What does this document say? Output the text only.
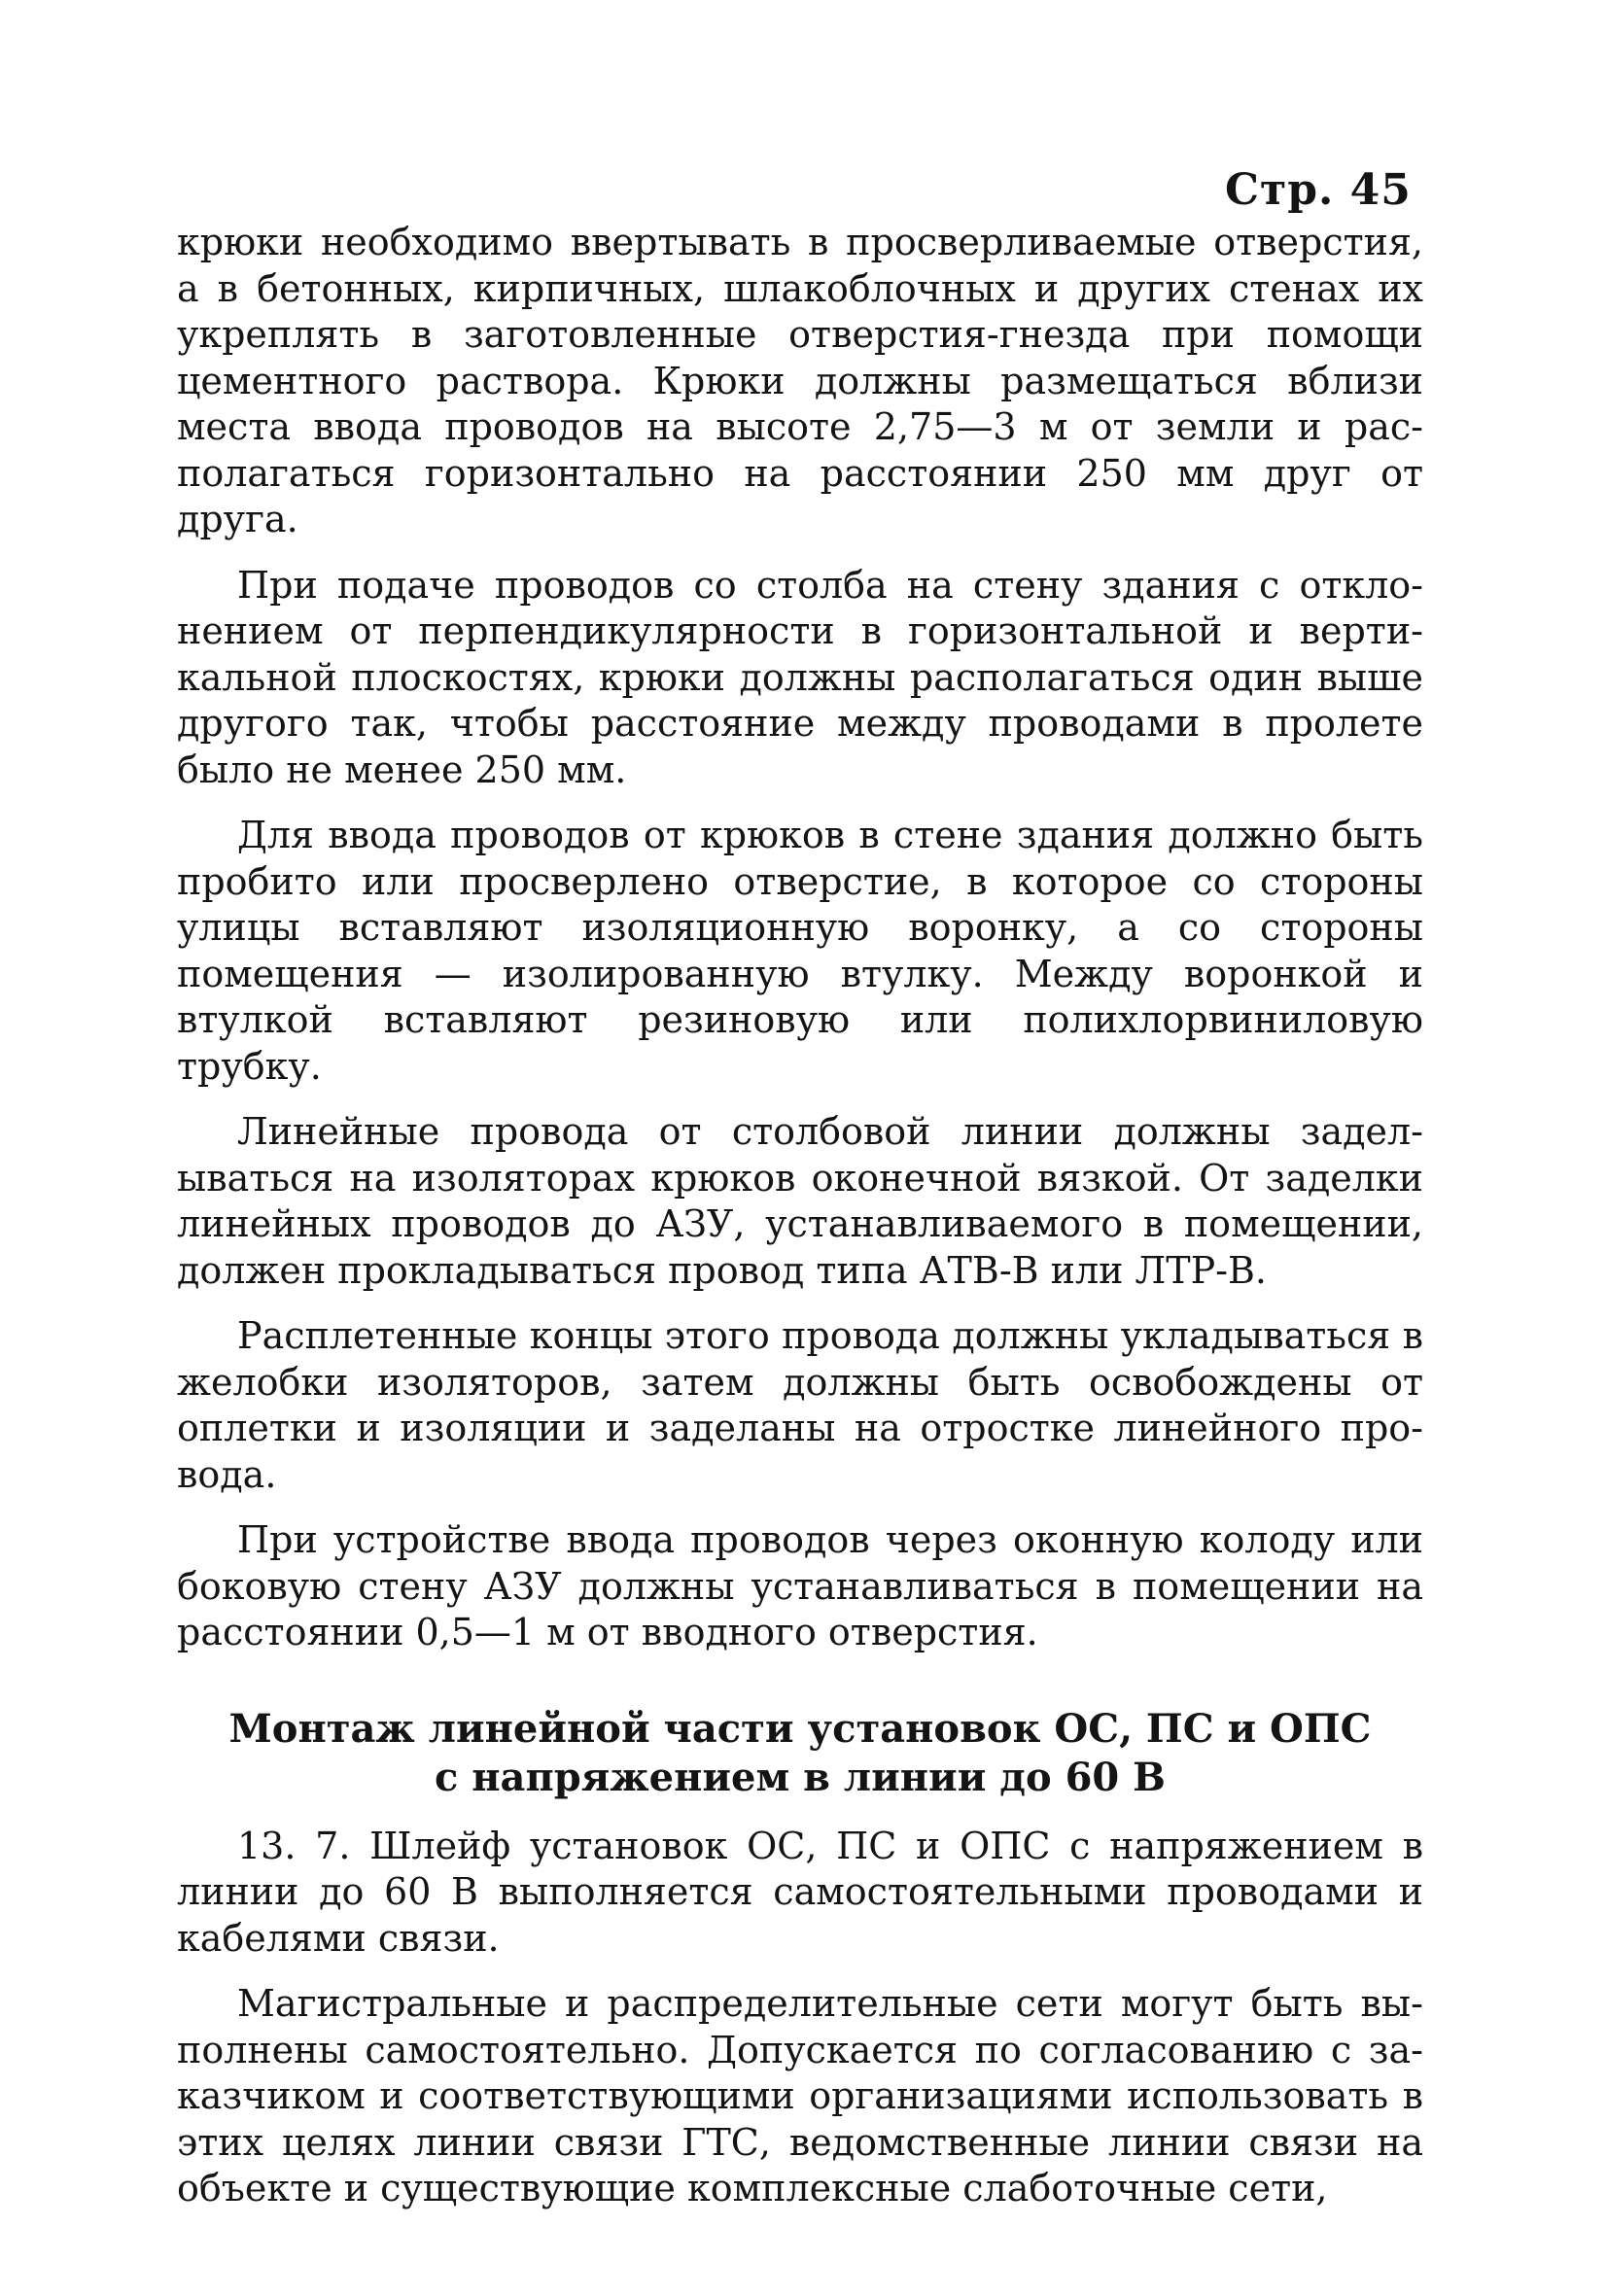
Стр. 45

крюки необходимо ввертывать в просверливаемые отверстия, а в бетонных, кирпичных, шлакоблочных и других стенах их укреплять в заготовленные отверстия-гнезда при помощи цементного раствора. Крюки должны размещаться вблизи места ввода проводов на высоте 2,75—3 м от земли и располагаться горизонтально на расстоянии 250 мм друг от друга.

При подаче проводов со столба на стену здания с отклонением от перпендикулярности в горизонтальной и вертикальной плоскостях, крюки должны располагаться один выше другого так, чтобы расстояние между проводами в пролете было не менее 250 мм.

Для ввода проводов от крюков в стене здания должно быть пробито или просверлено отверстие, в которое со стороны улицы вставляют изоляционную воронку, а со стороны помещения — изолированную втулку. Между воронкой и втулкой вставляют резиновую или полихлорвиниловую трубку.

Линейные провода от столбовой линии должны заделываться на изоляторах крюков оконечной вязкой. От заделки линейных проводов до АЗУ, устанавливаемого в помещении, должен прокладываться провод типа АТВ-В или ЛТР-В.

Расплетенные концы этого провода должны укладываться в желобки изоляторов, затем должны быть освобождены от оплетки и изоляции и заделаны на отростке линейного провода.

При устройстве ввода проводов через оконную колоду или боковую стену АЗУ должны устанавливаться в помещении на расстоянии 0,5—1 м от вводного отверстия.

Монтаж линейной части установок ОС, ПС и ОПС
с напряжением в линии до 60 В

13. 7. Шлейф установок ОС, ПС и ОПС с напряжением в линии до 60 В выполняется самостоятельными проводами и кабелями связи.

Магистральные и распределительные сети могут быть выполнены самостоятельно. Допускается по согласованию с заказчиком и соответствующими организациями использовать в этих целях линии связи ГТС, ведомственные линии связи на объекте и существующие комплексные слаботочные сети,
